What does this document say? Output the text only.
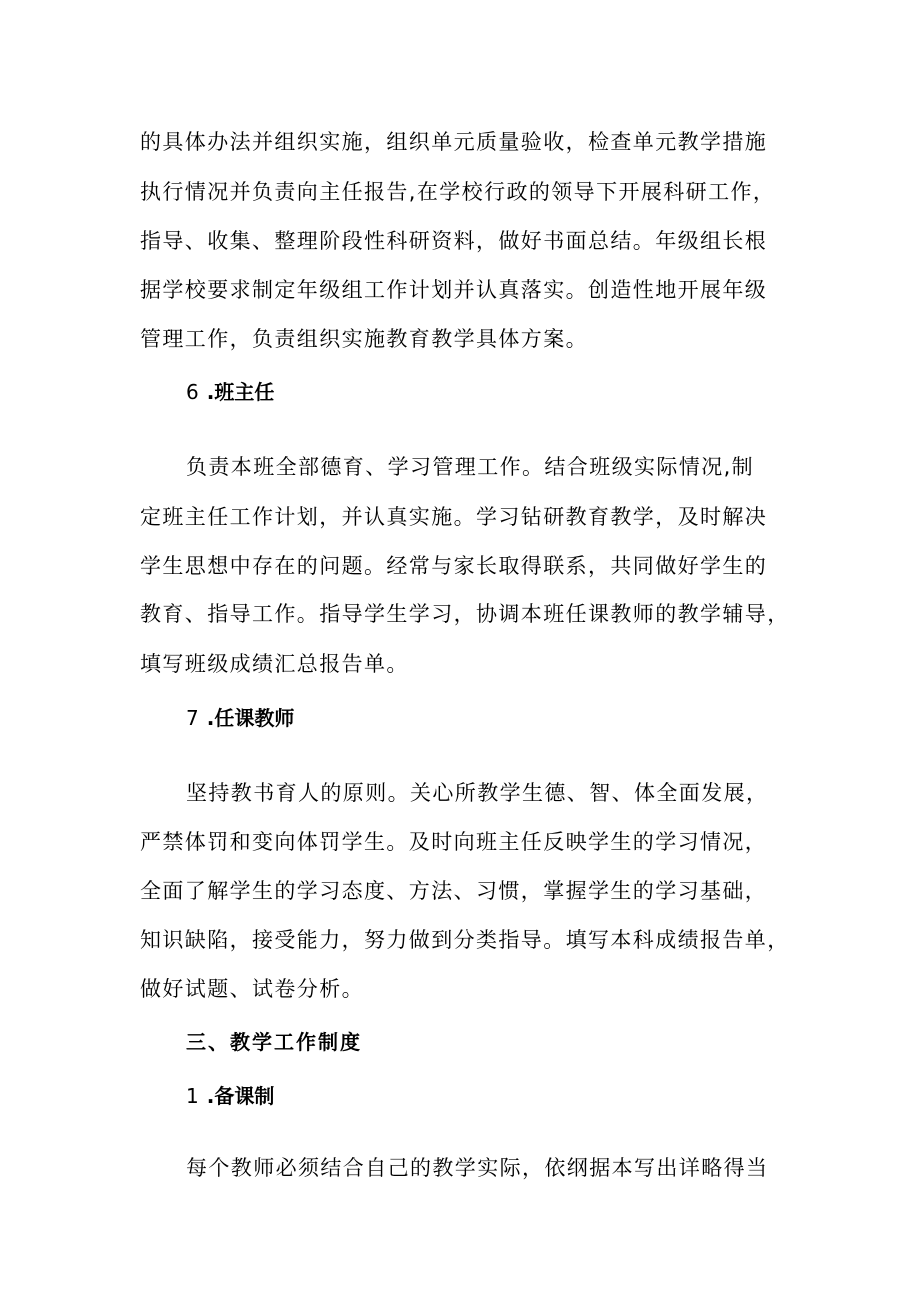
的具体办法并组织实施，组织单元质量验收，检查单元教学措施
执行情况并负责向主任报告,在学校行政的领导下开展科研工作，
指导、收集、整理阶段性科研资料，做好书面总结。年级组长根
据学校要求制定年级组工作计划并认真落实。创造性地开展年级
管理工作，负责组织实施教育教学具体方案。
6 .班主任
负责本班全部德育、学习管理工作。结合班级实际情况,制
定班主任工作计划，并认真实施。学习钻研教育教学，及时解决
学生思想中存在的问题。经常与家长取得联系，共同做好学生的
教育、指导工作。指导学生学习，协调本班任课教师的教学辅导，
填写班级成绩汇总报告单。
7 .任课教师
坚持教书育人的原则。关心所教学生德、智、体全面发展，
严禁体罚和变向体罚学生。及时向班主任反映学生的学习情况，
全面了解学生的学习态度、方法、习惯，掌握学生的学习基础，
知识缺陷，接受能力，努力做到分类指导。填写本科成绩报告单，
做好试题、试卷分析。
三、教学工作制度
1 .备课制
每个教师必须结合自己的教学实际，依纲据本写出详略得当
